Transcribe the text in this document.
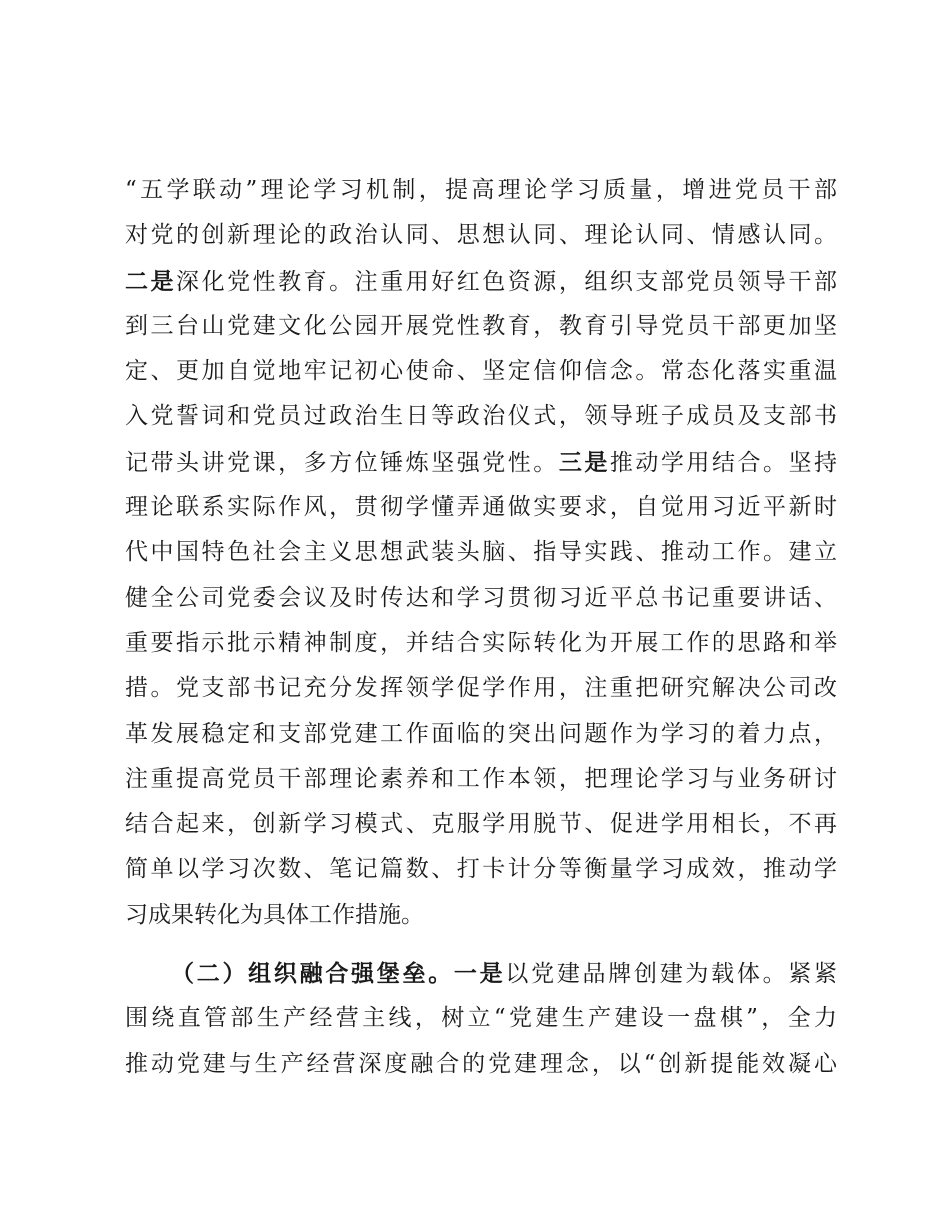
“五学联动”理论学习机制，提高理论学习质量，增进党员干部
对党的创新理论的政治认同、思想认同、理论认同、情感认同。
二是深化党性教育。注重用好红色资源，组织支部党员领导干部
到三台山党建文化公园开展党性教育，教育引导党员干部更加坚
定、更加自觉地牢记初心使命、坚定信仰信念。常态化落实重温
入党誓词和党员过政治生日等政治仪式，领导班子成员及支部书
记带头讲党课，多方位锤炼坚强党性。三是推动学用结合。坚持
理论联系实际作风，贯彻学懂弄通做实要求，自觉用习近平新时
代中国特色社会主义思想武装头脑、指导实践、推动工作。建立
健全公司党委会议及时传达和学习贯彻习近平总书记重要讲话、
重要指示批示精神制度，并结合实际转化为开展工作的思路和举
措。党支部书记充分发挥领学促学作用，注重把研究解决公司改
革发展稳定和支部党建工作面临的突出问题作为学习的着力点，
注重提高党员干部理论素养和工作本领，把理论学习与业务研讨
结合起来，创新学习模式、克服学用脱节、促进学用相长，不再
简单以学习次数、笔记篇数、打卡计分等衡量学习成效，推动学
习成果转化为具体工作措施。
（二）组织融合强堡垒。一是以党建品牌创建为载体。紧紧
围绕直管部生产经营主线，树立“党建生产建设一盘棋”，全力
推动党建与生产经营深度融合的党建理念，以“创新提能效凝心
